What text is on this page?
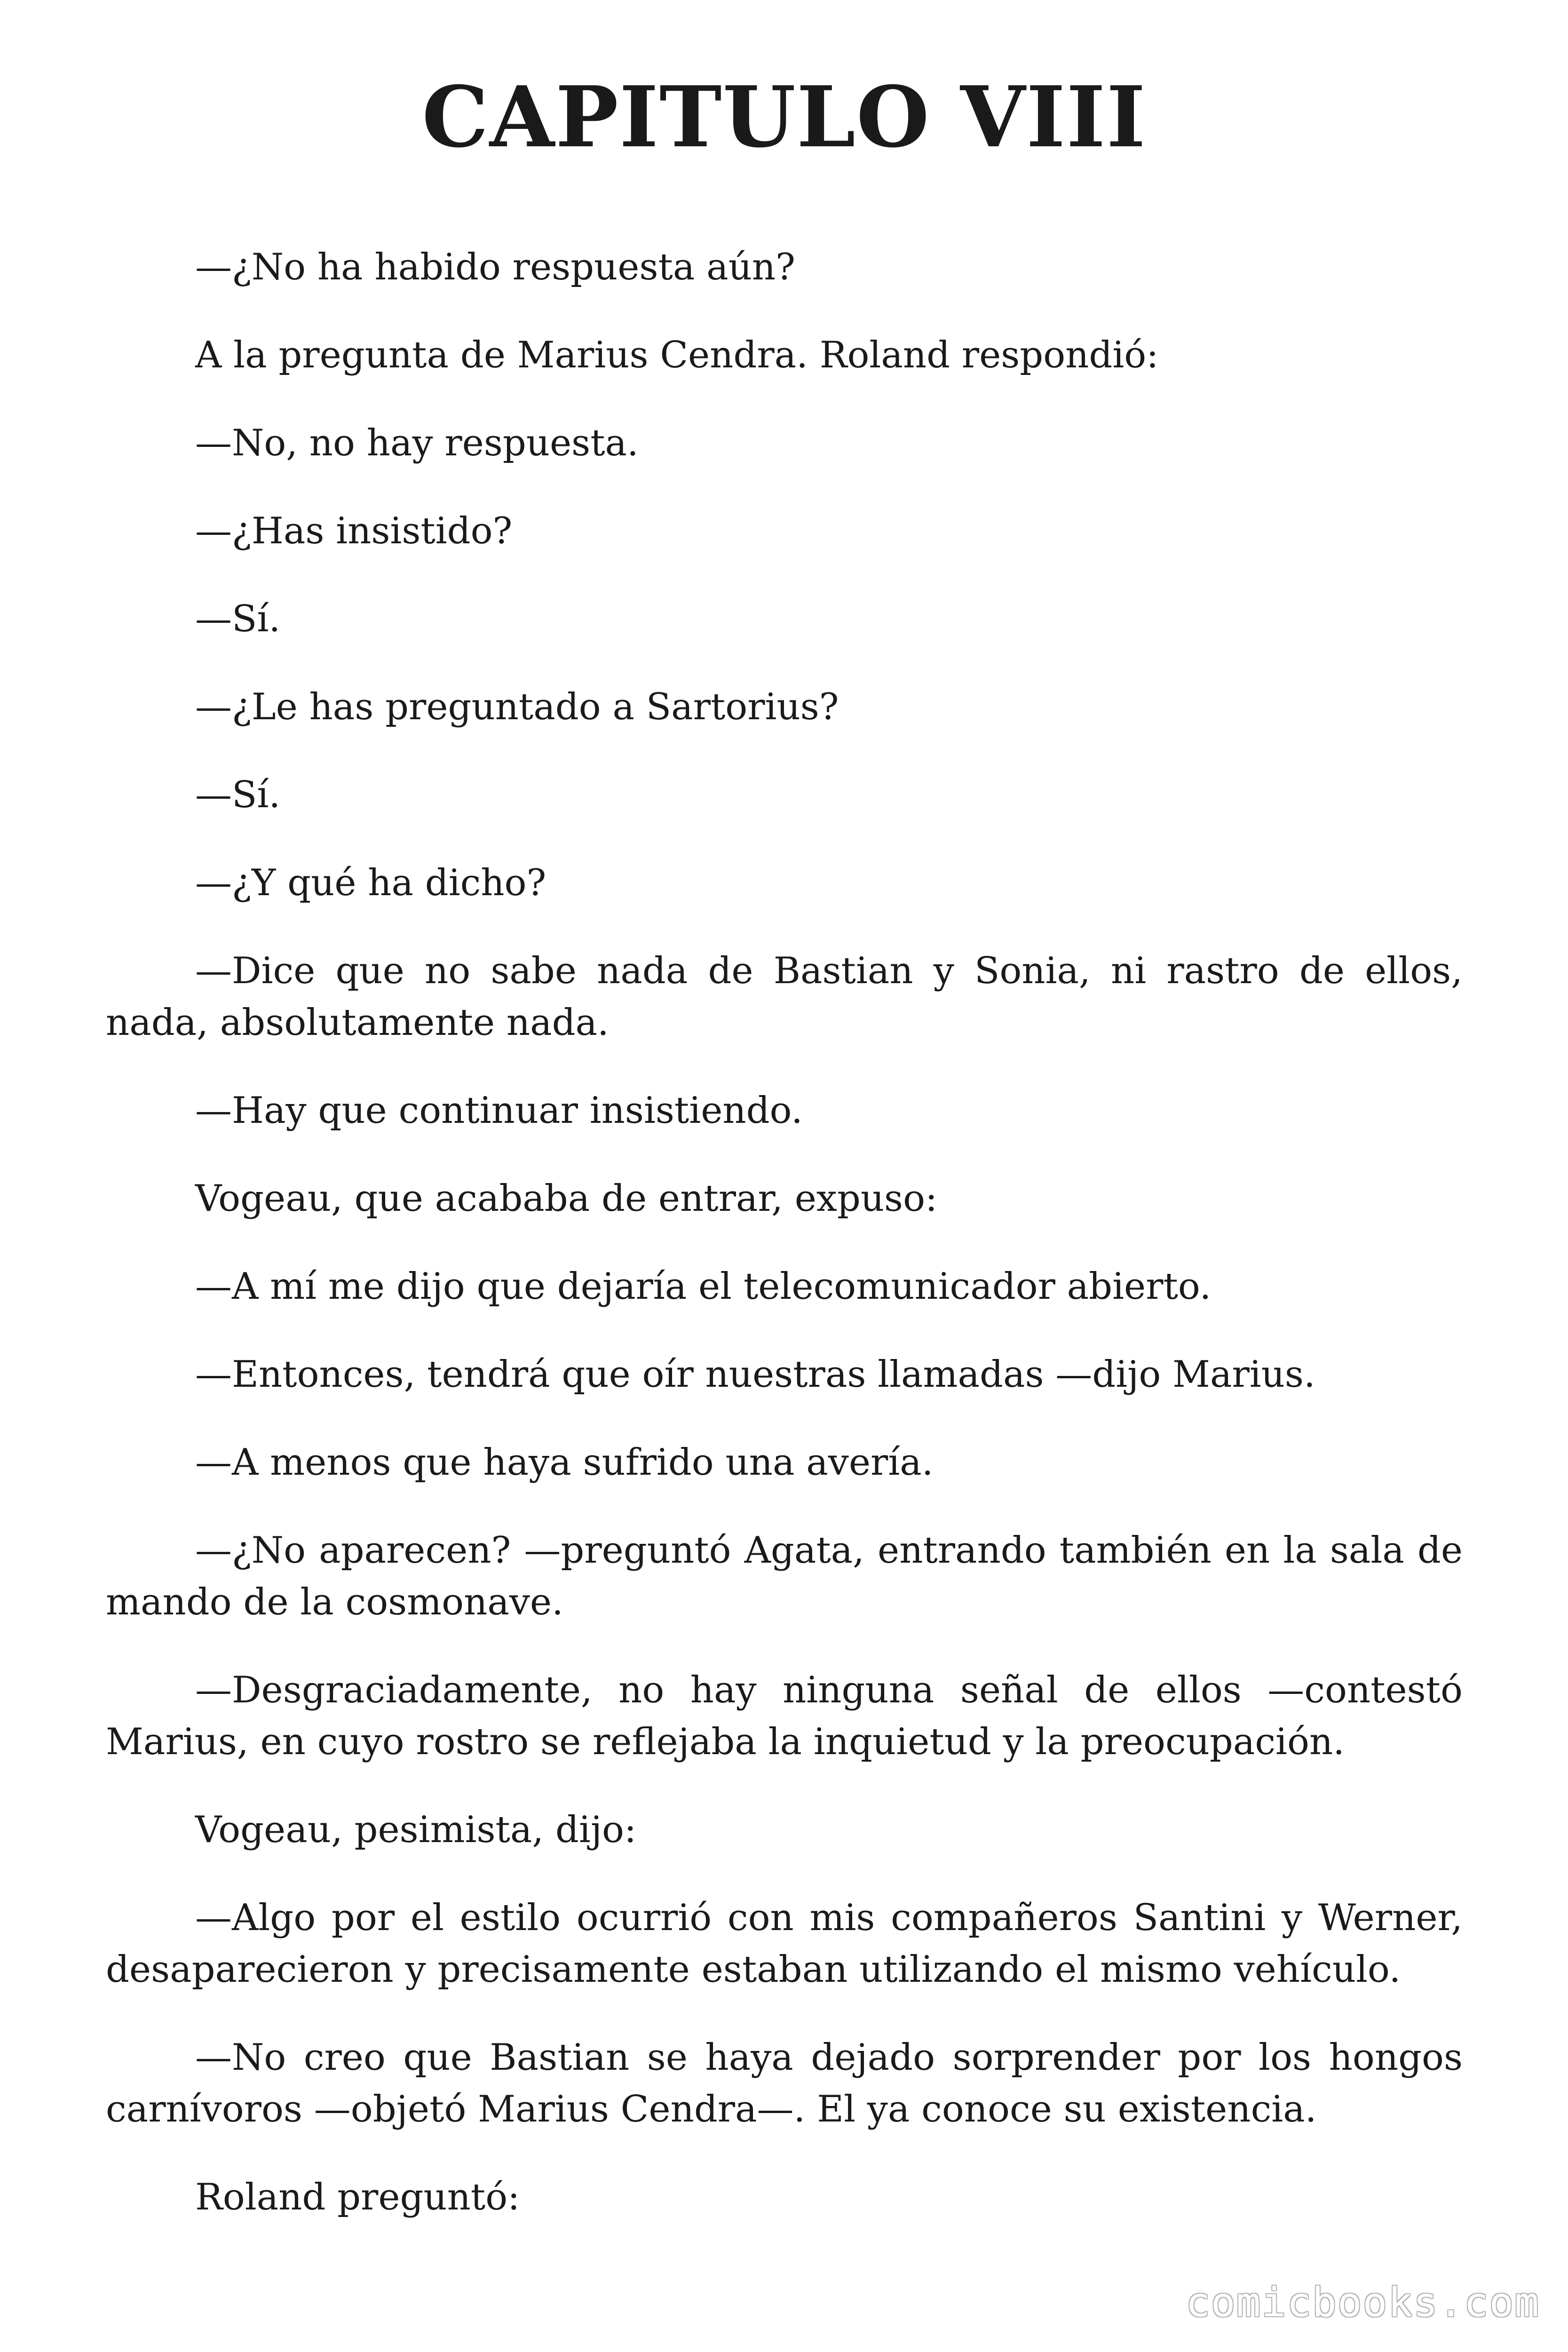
CAPITULO VIII

—¿No ha habido respuesta aún?

A la pregunta de Marius Cendra. Roland respondió:

—No, no hay respuesta.

—¿Has insistido?

—Sí.

—¿Le has preguntado a Sartorius?

—Sí.

—¿Y qué ha dicho?

—Dice que no sabe nada de Bastian y Sonia, ni rastro de ellos, nada, absolutamente nada.

—Hay que continuar insistiendo.

Vogeau, que acababa de entrar, expuso:

—A mí me dijo que dejaría el telecomunicador abierto.

—Entonces, tendrá que oír nuestras llamadas —dijo Marius.

—A menos que haya sufrido una avería.

—¿No aparecen? —preguntó Agata, entrando también en la sala de mando de la cosmonave.

—Desgraciadamente, no hay ninguna señal de ellos —contestó Marius, en cuyo rostro se reflejaba la inquietud y la preocupación.

Vogeau, pesimista, dijo:

—Algo por el estilo ocurrió con mis compañeros Santini y Werner, desaparecieron y precisamente estaban utilizando el mismo vehículo.

—No creo que Bastian se haya dejado sorprender por los hongos carnívoros —objetó Marius Cendra—. El ya conoce su existencia.

Roland preguntó:

comicbooks.com
